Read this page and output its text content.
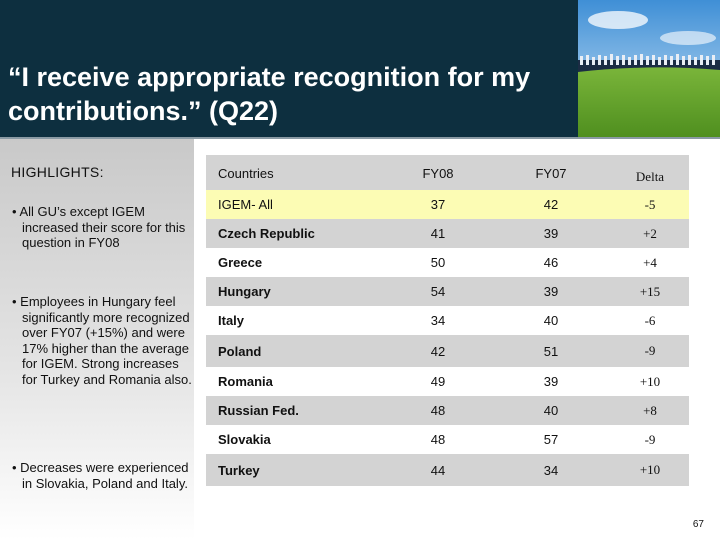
“I receive appropriate recognition for my contributions.” (Q22)
HIGHLIGHTS:
• All GU’s except IGEM increased their score for this question in FY08
• Employees in Hungary feel significantly more recognized over FY07 (+15%) and were 17% higher than the average for IGEM. Strong increases for Turkey and Romania also.
• Decreases were experienced in Slovakia, Poland and Italy.
Countries	FY08	FY07	Delta
IGEM- All	37	42	-5
Czech Republic	41	39	+2
Greece	50	46	+4
Hungary	54	39	+15
Italy	34	40	-6
Poland	42	51	-9
Romania	49	39	+10
Russian Fed.	48	40	+8
Slovakia	48	57	-9
Turkey	44	34	+10
67
